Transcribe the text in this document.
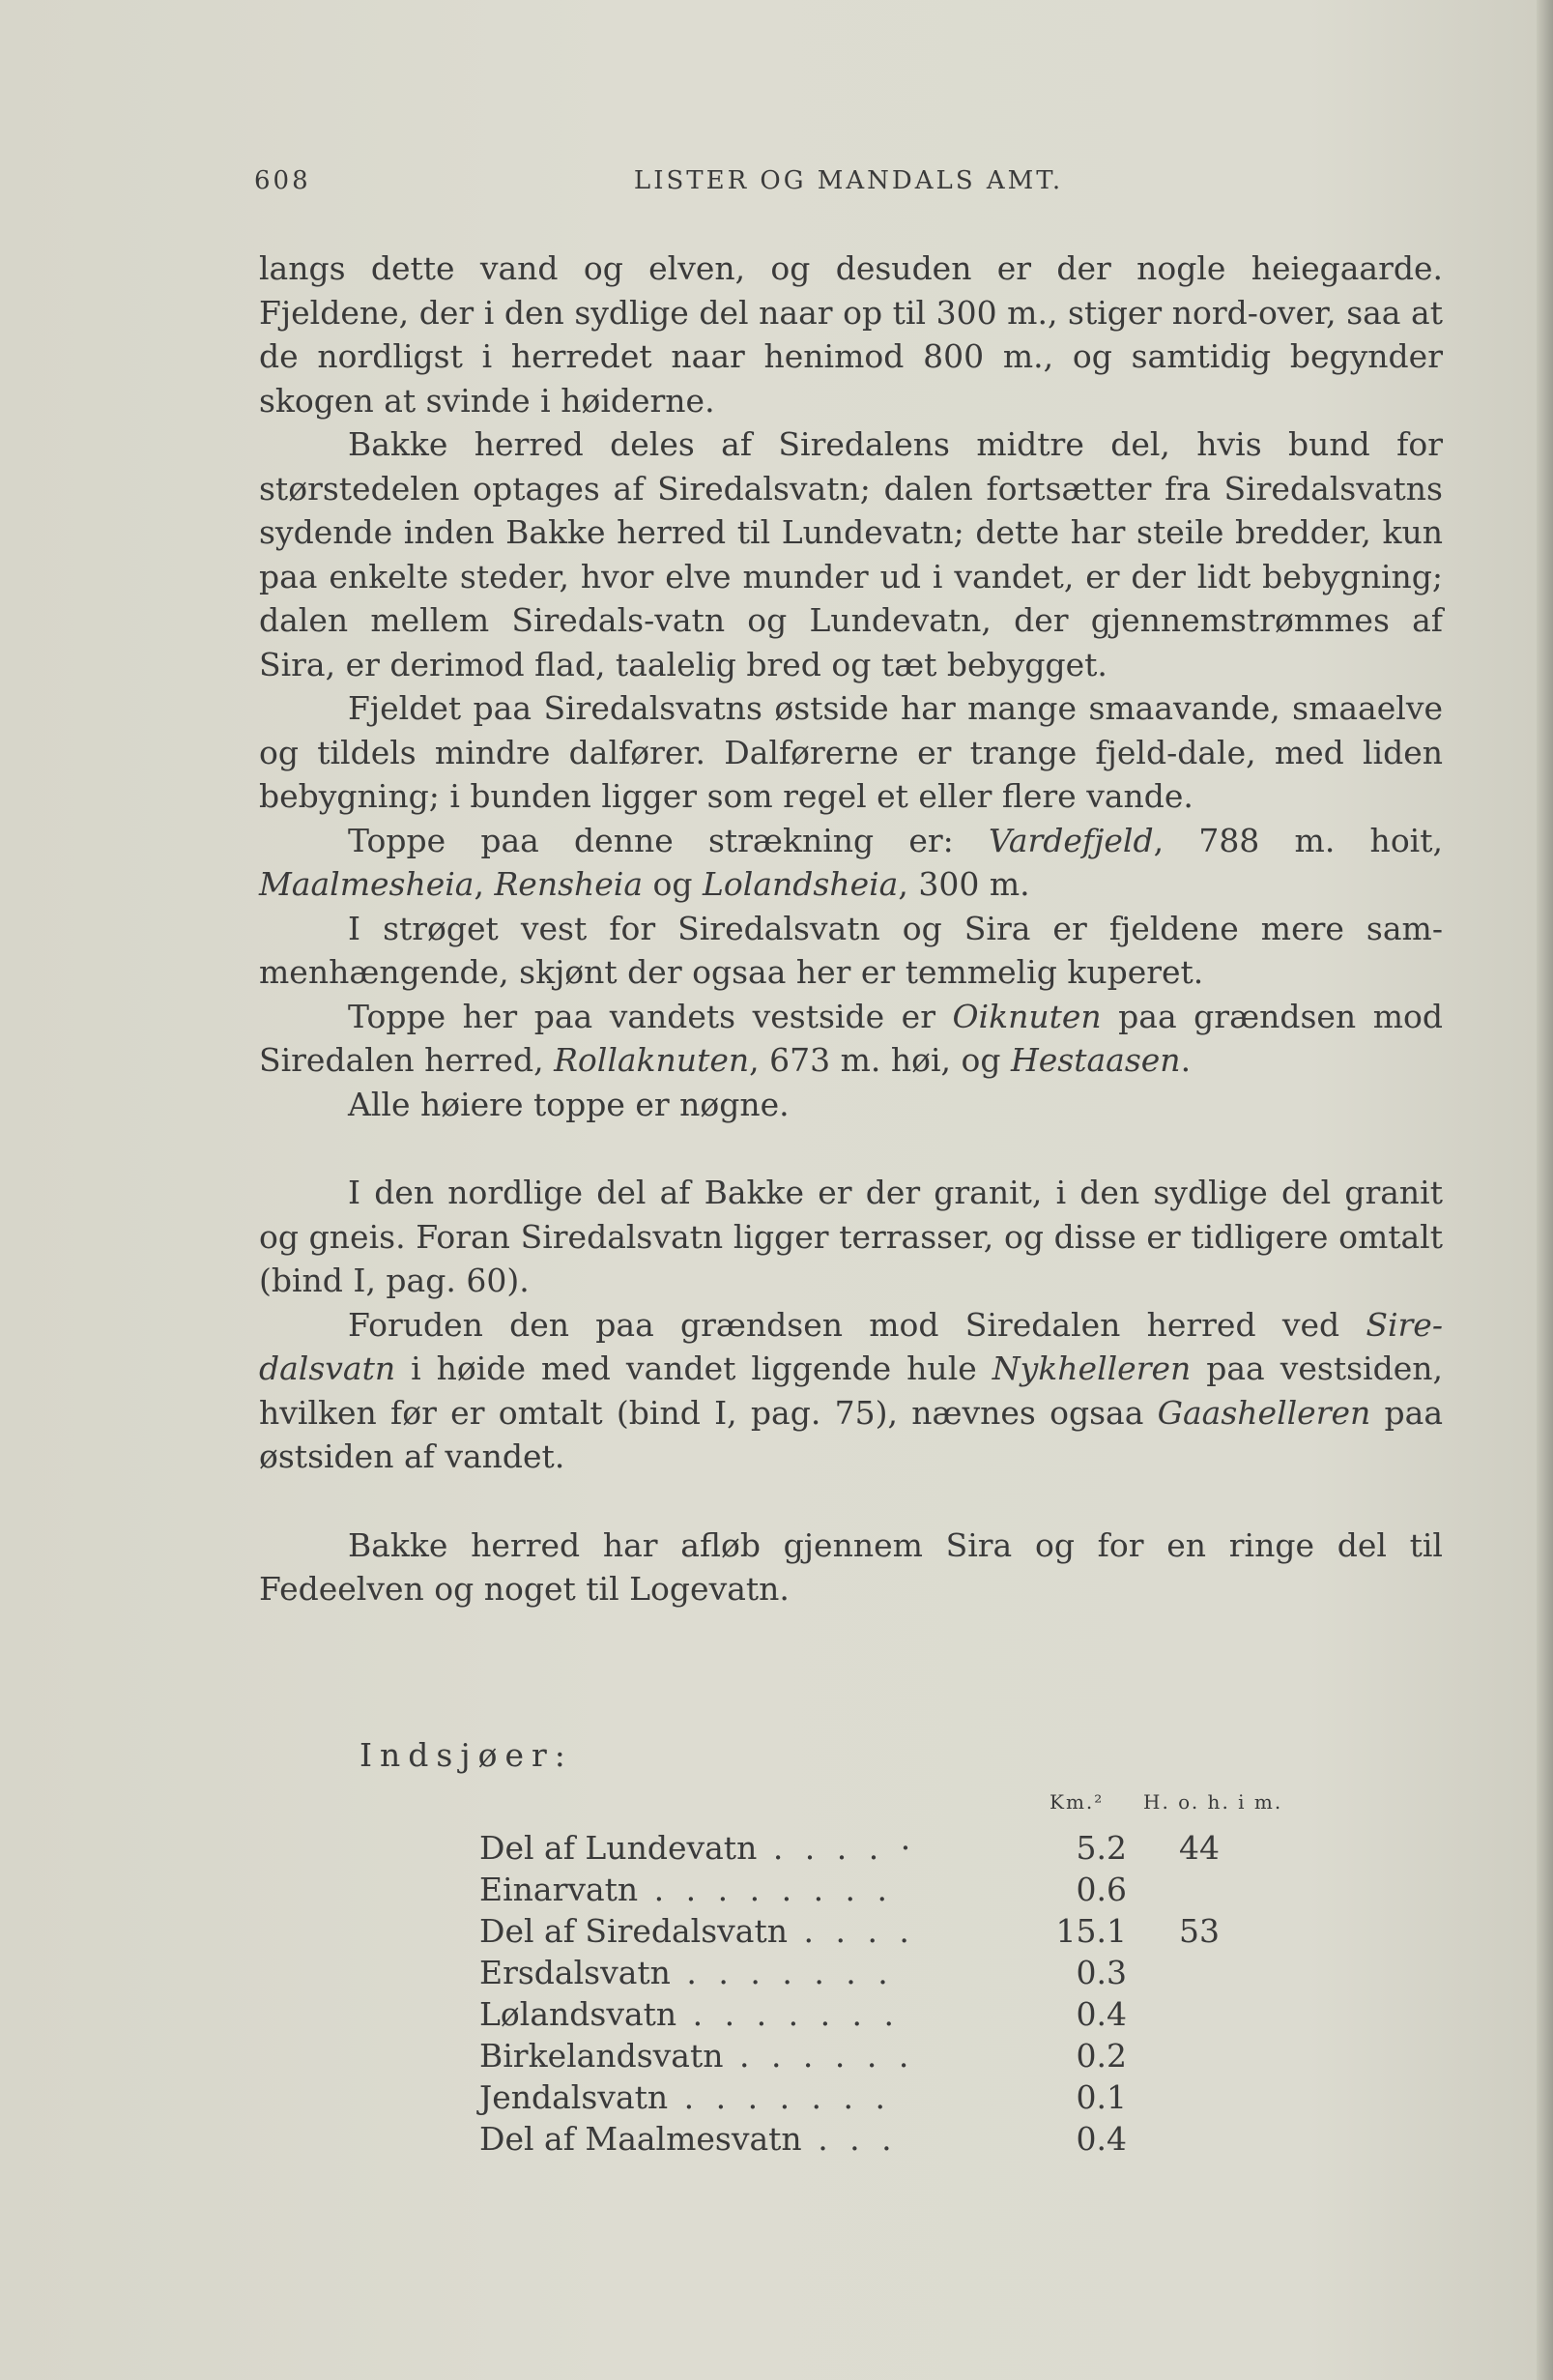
608	LISTER OG MANDALS AMT.

langs dette vand og elven, og desuden er der nogle heiegaarde. Fjeldene, der i den sydlige del naar op til 300 m., stiger nord-over, saa at de nordligst i herredet naar henimod 800 m., og samtidig begynder skogen at svinde i høiderne.

Bakke herred deles af Siredalens midtre del, hvis bund for størstedelen optages af Siredalsvatn; dalen fortsætter fra Siredalsvatns sydende inden Bakke herred til Lundevatn; dette har steile bredder, kun paa enkelte steder, hvor elve munder ud i vandet, er der lidt bebygning; dalen mellem Siredals-vatn og Lundevatn, der gjennemstrømmes af Sira, er derimod flad, taalelig bred og tæt bebygget.

Fjeldet paa Siredalsvatns østside har mange smaavande, smaaelve og tildels mindre dalfører. Dalførerne er trange fjeld-dale, med liden bebygning; i bunden ligger som regel et eller flere vande.

Toppe paa denne strækning er: Vardefjeld, 788 m. hoit, Maalmesheia, Rensheia og Lolandsheia, 300 m.

I strøget vest for Siredalsvatn og Sira er fjeldene mere sam-menhængende, skjønt der ogsaa her er temmelig kuperet.

Toppe her paa vandets vestside er Oiknuten paa grændsen mod Siredalen herred, Rollaknuten, 673 m. høi, og Hestaasen.

Alle høiere toppe er nøgne.

I den nordlige del af Bakke er der granit, i den sydlige del granit og gneis. Foran Siredalsvatn ligger terrasser, og disse er tidligere omtalt (bind I, pag. 60).

Foruden den paa grændsen mod Siredalen herred ved Sire-dalsvatn i høide med vandet liggende hule Nykhelleren paa vestsiden, hvilken før er omtalt (bind I, pag. 75), nævnes ogsaa Gaashelleren paa østsiden af vandet.

Bakke herred har afløb gjennem Sira og for en ringe del til Fedeelven og noget til Logevatn.

Indsjøer:
Km.² H. o. h. i m.
Del af Lundevatn . . . . ·	5.2	44
Einarvatn . . . . . . . .	0.6	
Del af Siredalsvatn . . . .	15.1	53
Ersdalsvatn . . . . . . .	0.3	
Lølandsvatn . . . . . . .	0.4	
Birkelandsvatn . . . . . .	0.2	
Jendalsvatn . . . . . . .	0.1	
Del af Maalmesvatn . . .	0.4	
